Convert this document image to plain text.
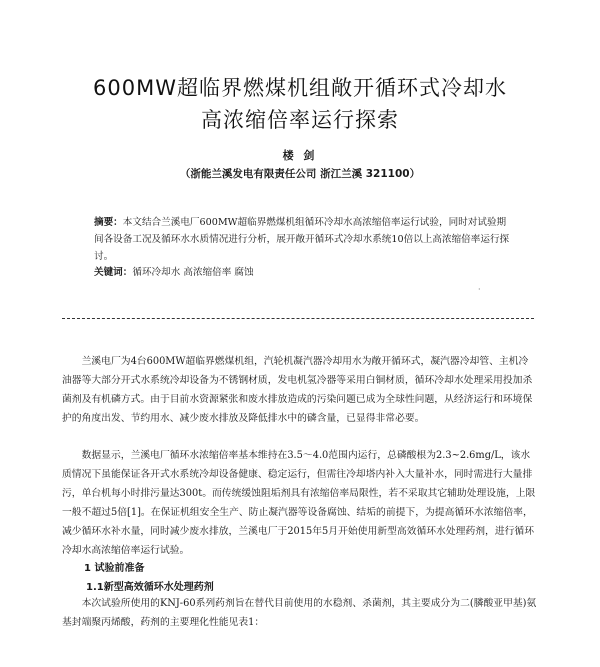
600MW超临界燃煤机组敞开循环式冷却水
高浓缩倍率运行探索
楼 剑
（浙能兰溪发电有限责任公司 浙江兰溪 321100）
摘要：本文结合兰溪电厂600MW超临界燃煤机组循环冷却水高浓缩倍率运行试验，同时对试验期间各设备工况及循环水水质情况进行分析，展开敞开循环式冷却水系统10倍以上高浓缩倍率运行探讨。
关键词：循环冷却水 高浓缩倍率 腐蚀
·
兰溪电厂为4台600MW超临界燃煤机组，汽轮机凝汽器冷却用水为敞开循环式，凝汽器冷却管、主机冷油器等大部分开式水系统冷却设备为不锈钢材质，发电机氢冷器等采用白铜材质，循环冷却水处理采用投加杀菌剂及有机磷方式。由于目前水资源紧张和废水排放造成的污染问题已成为全球性问题，从经济运行和环境保护的角度出发、节约用水、减少废水排放及降低排水中的磷含量，已显得非常必要。
数据显示，兰溪电厂循环水浓缩倍率基本维持在3.5～4.0范围内运行，总磷酸根为2.3~2.6mg/L，该水质情况下虽能保证各开式水系统冷却设备健康、稳定运行，但需往冷却塔内补入大量补水，同时需进行大量排污，单台机每小时排污量达300t。而传统缓蚀阻垢剂具有浓缩倍率局限性，若不采取其它辅助处理设施，上限一般不超过5倍[1]。在保证机组安全生产、防止凝汽器等设备腐蚀、结垢的前提下，为提高循环水浓缩倍率，减少循环水补水量，同时减少废水排放，兰溪电厂于2015年5月开始使用新型高效循环水处理药剂，进行循环冷却水高浓缩倍率运行试验。
1 试验前准备
1.1新型高效循环水处理药剂
本次试验所使用的KNJ-60系列药剂旨在替代目前使用的水稳剂、杀菌剂，其主要成分为二(膦酸亚甲基)氨基封端聚丙烯酸，药剂的主要理化性能见表1：
